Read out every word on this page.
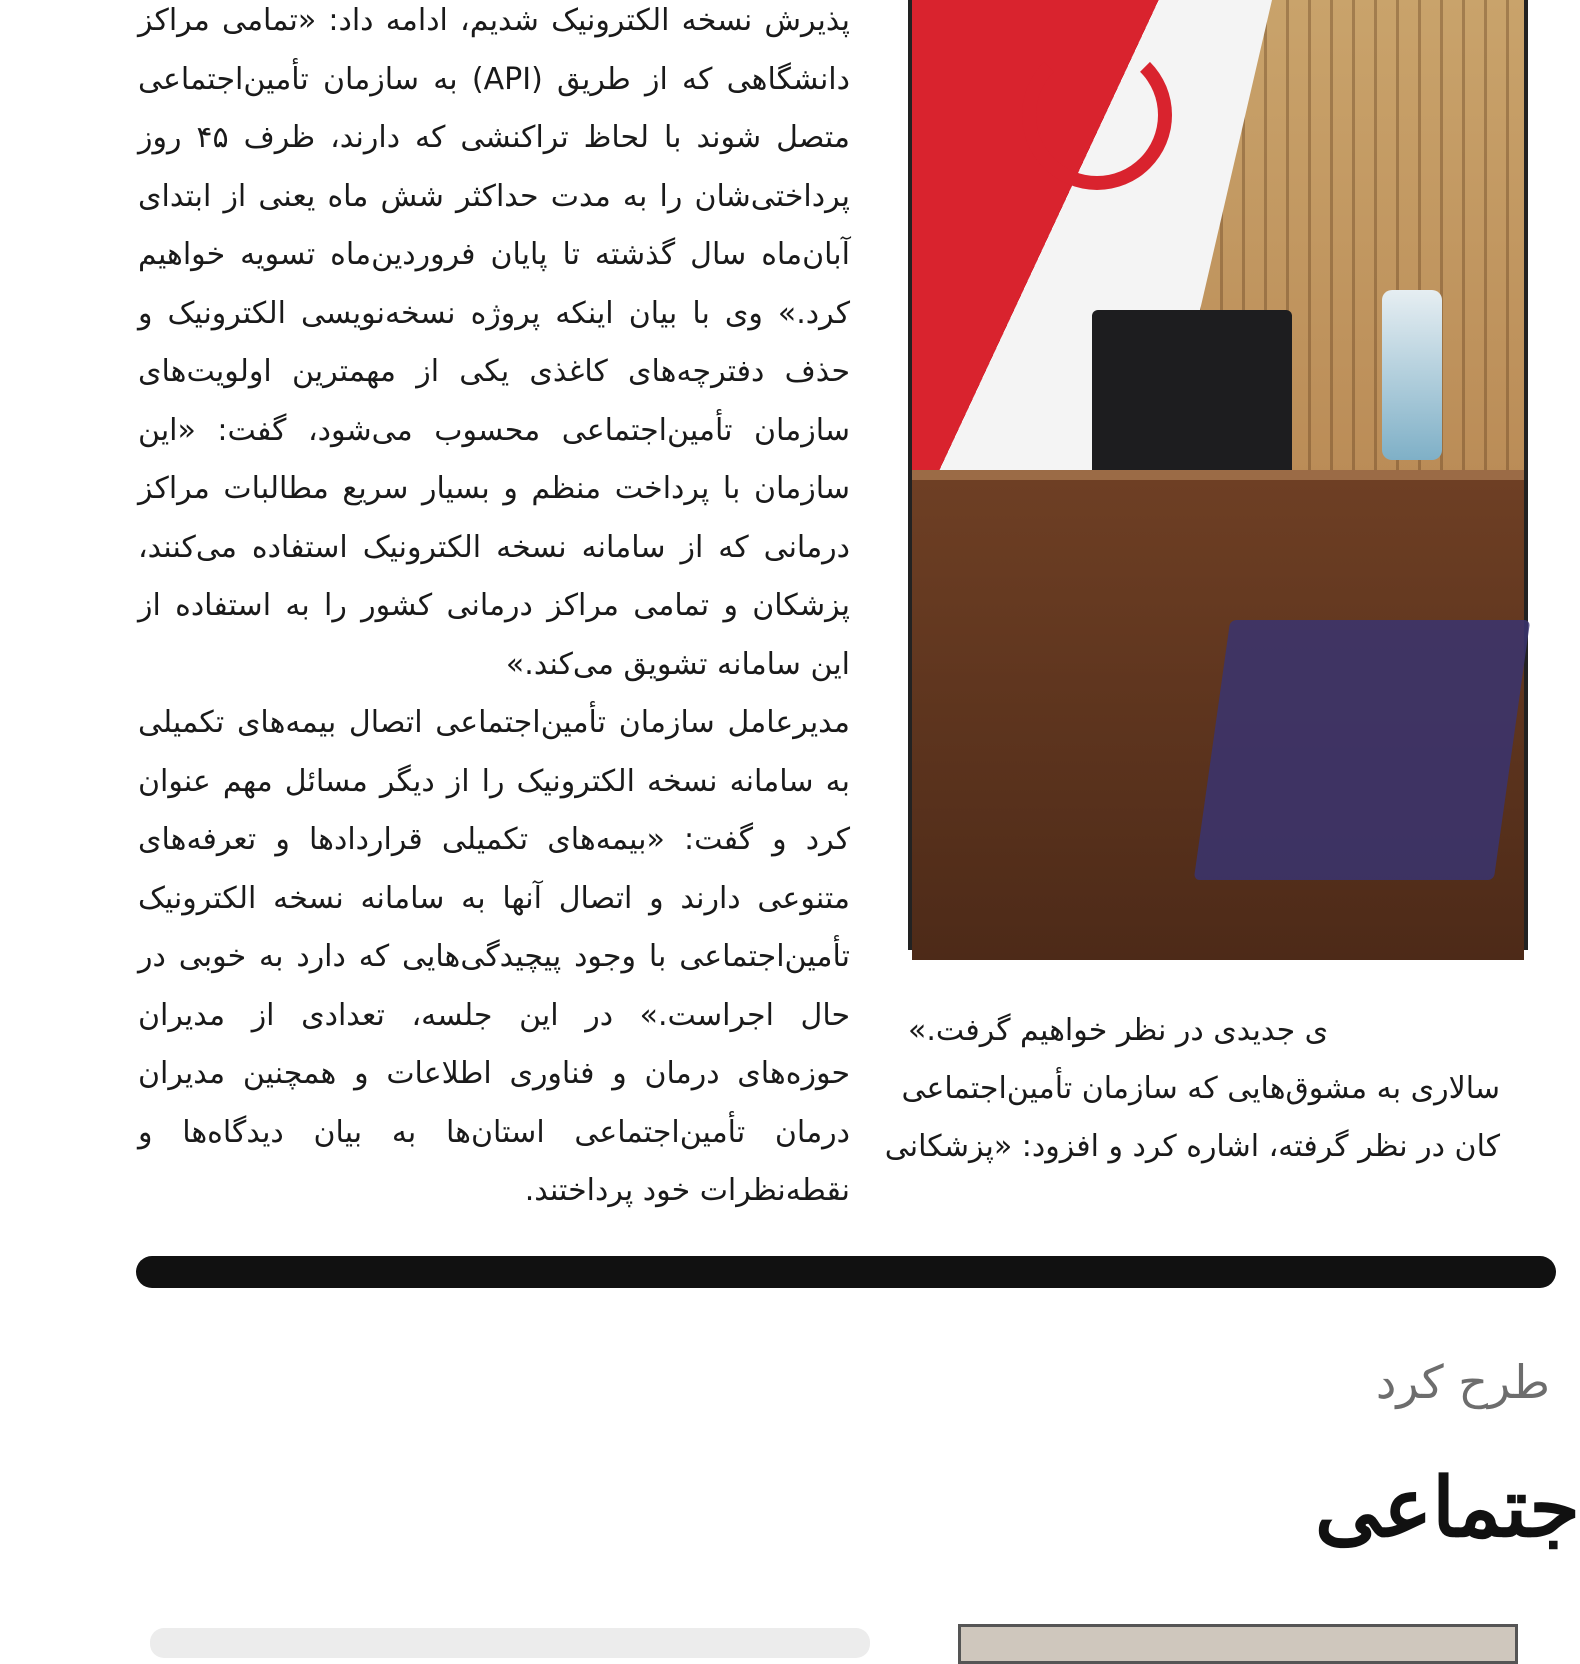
پذیرش نسخه الکترونیک شدیم، ادامه داد: «تمامی مراکز دانشگاهی که از طریق (API) به سازمان تأمین‌اجتماعی متصل شوند با لحاظ تراکنشی که دارند، ظرف ۴۵ روز پرداختی‌شان را به مدت حداکثر شش ماه یعنی از ابتدای آبان‌ماه سال گذشته تا پایان فروردین‌ماه تسویه خواهیم کرد.» وی با بیان اینکه پروژه نسخه‌نویسی الکترونیک و حذف دفترچه‌های کاغذی یکی از مهمترین اولویت‌های سازمان تأمین‌اجتماعی محسوب می‌شود، گفت: «این سازمان با پرداخت منظم و بسیار سریع مطالبات مراکز درمانی که از سامانه نسخه الکترونیک استفاده می‌کنند، پزشکان و تمامی مراکز درمانی کشور را به استفاده از این سامانه تشویق می‌کند.»

مدیرعامل سازمان تأمین‌اجتماعی اتصال بیمه‌های تکمیلی به سامانه نسخه الکترونیک را از دیگر مسائل مهم عنوان کرد و گفت: «بیمه‌های تکمیلی قراردادها و تعرفه‌های متنوعی دارند و اتصال آنها به سامانه نسخه الکترونیک تأمین‌اجتماعی با وجود پیچیدگی‌هایی که دارد به خوبی در حال اجراست.» در این جلسه، تعدادی از مدیران حوزه‌های درمان و فناوری اطلاعات و همچنین مدیران درمان تأمین‌اجتماعی استان‌ها به بیان دیدگاه‌ها و نقطه‌نظرات خود پرداختند.

ی جدیدی در نظر خواهیم گرفت.»
سالاری به مشوق‌هایی که سازمان تأمین‌اجتماعی
کان در نظر گرفته، اشاره کرد و افزود: «پزشکانی
طرح کرد
جتماعی
